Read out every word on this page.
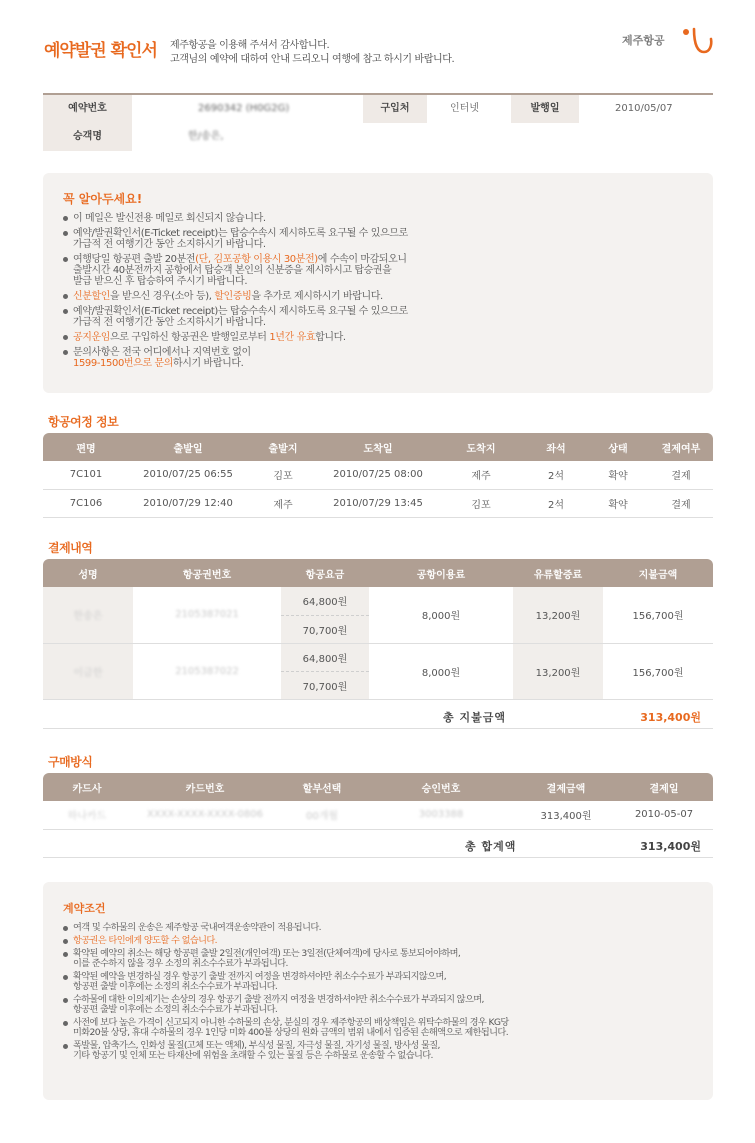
예약발권 확인서 제주항공을 이용해 주셔서 감사합니다.
고객님의 예약에 대하여 안내 드리오니 여행에 참고 하시기 바랍니다.
제주항공
예약번호	2690342 (H0G2G)	구입처	인터넷	발행일	2010/05/07
승객명	한/송은,
꼭 알아두세요!
이 메일은 발신전용 메일로 회신되지 않습니다.
예약/발권확인서(E-Ticket receipt)는 탑승수속시 제시하도록 요구될 수 있으므로
가급적 전 여행기간 동안 소지하시기 바랍니다.
여행당일 항공편 출발 20분전(단, 김포공항 이용시 30분전)에 수속이 마감되오니
출발시간 40분전까지 공항에서 탑승객 본인의 신분증을 제시하시고 탑승권을
발급 받으신 후 탑승하여 주시기 바랍니다.
신분할인을 받으신 경우(소아 등), 할인증빙을 추가로 제시하시기 바랍니다.
예약/발권확인서(E-Ticket receipt)는 탑승수속시 제시하도록 요구될 수 있으므로
가급적 전 여행기간 동안 소지하시기 바랍니다.
공지운임으로 구입하신 항공권은 발행일로부터 1년간 유효합니다.
문의사항은 전국 어디에서나 지역번호 없이
1599-1500번으로 문의하시기 바랍니다.
항공여정 정보
편명	출발일	출발지	도착일	도착지	좌석	상태	결제여부
7C101	2010/07/25 06:55	김포	2010/07/25 08:00	제주	2석	확약	결제
7C106	2010/07/29 12:40	제주	2010/07/29 13:45	김포	2석	확약	결제
결제내역
성명	항공권번호	항공요금	공항이용료	유류할증료	지불금액
한송은	2105387021	64,800원	8,000원	13,200원	156,700원
		70,700원			
이금한	2105387022	64,800원	8,000원	13,200원	156,700원
		70,700원			
총 지불금액	313,400원
구매방식
카드사	카드번호	할부선택	승인번호	결제금액	결제일
하나카드	XXXX-XXXX-XXXX-0806	00개월	3003388	313,400원	2010-05-07
총 합계액	313,400원
계약조건
여객 및 수하물의 운송은 제주항공 국내여객운송약관이 적용됩니다.
항공권은 타인에게 양도할 수 없습니다.
확약된 예약의 취소는 해당 항공편 출발 2일전(개인여객) 또는 3일전(단체여객)에 당사로 통보되어야하며,
이를 준수하지 않을 경우 소정의 취소수수료가 부과됩니다.
확약된 예약을 변경하실 경우 항공기 출발 전까지 여정을 변경하셔야만 취소수수료가 부과되지않으며,
항공편 출발 이후에는 소정의 취소수수료가 부과됩니다.
수하물에 대한 이의제기는 손상의 경우 항공기 출발 전까지 여정을 변경하셔야만 취소수수료가 부과되지 않으며,
항공편 출발 이후에는 소정의 취소수수료가 부과됩니다.
사전에 보다 높은 가격이 신고되지 아니한 수하물의 손상, 분실의 경우 제주항공의 배상책임은 위탁수하물의 경우 KG당
미화20불 상당, 휴대 수하물의 경우 1인당 미화 400불 상당의 원화 금액의 범위 내에서 입증된 손해액으로 제한됩니다.
폭발물, 압축가스, 인화성 물질(고체 또는 액체), 부식성 물질, 자극성 물질, 자기성 물질, 방사성 물질,
기타 항공기 및 인체 또는 타재산에 위험을 초래할 수 있는 물질 등은 수하물로 운송할 수 없습니다.
